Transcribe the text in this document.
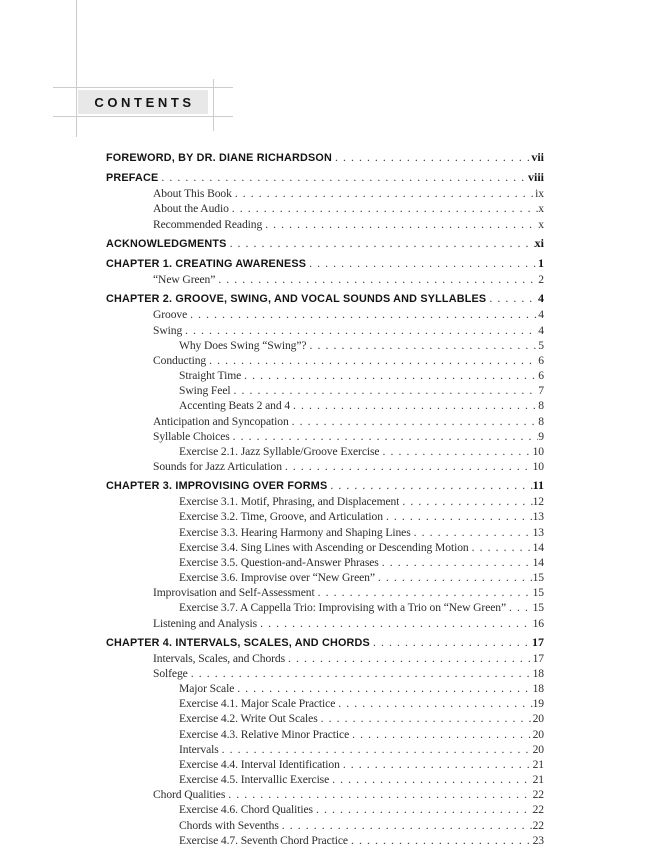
CONTENTS
FOREWORD, BY DR. DIANE RICHARDSON . . .	vii
PREFACE . . .	viii
About This Book . . .	ix
About the Audio . . .	x
Recommended Reading . . .	x
ACKNOWLEDGMENTS . . .	xi
CHAPTER 1. CREATING AWARENESS . . .	1
“New Green” . . .	2
CHAPTER 2. GROOVE, SWING, AND VOCAL SOUNDS AND SYLLABLES . . .	4
Groove . . .	4
Swing . . .	4
Why Does Swing “Swing”? . . .	5
Conducting . . .	6
Straight Time . . .	6
Swing Feel . . .	7
Accenting Beats 2 and 4 . . .	8
Anticipation and Syncopation . . .	8
Syllable Choices . . .	9
Exercise 2.1. Jazz Syllable/Groove Exercise . . .	10
Sounds for Jazz Articulation . . .	10
CHAPTER 3. IMPROVISING OVER FORMS . . .	11
Exercise 3.1. Motif, Phrasing, and Displacement . . .	12
Exercise 3.2. Time, Groove, and Articulation . . .	13
Exercise 3.3. Hearing Harmony and Shaping Lines . . .	13
Exercise 3.4. Sing Lines with Ascending or Descending Motion . . .	14
Exercise 3.5. Question-and-Answer Phrases . . .	14
Exercise 3.6. Improvise over “New Green” . . .	15
Improvisation and Self-Assessment . . .	15
Exercise 3.7. A Cappella Trio: Improvising with a Trio on “New Green” . . . 15
Listening and Analysis . . .	16
CHAPTER 4. INTERVALS, SCALES, AND CHORDS . . .	17
Intervals, Scales, and Chords . . .	17
Solfege . . .	18
Major Scale . . .	18
Exercise 4.1. Major Scale Practice . . .	19
Exercise 4.2. Write Out Scales . . .	20
Exercise 4.3. Relative Minor Practice . . .	20
Intervals . . .	20
Exercise 4.4. Interval Identification . . .	21
Exercise 4.5. Intervallic Exercise . . .	21
Chord Qualities . . .	22
Exercise 4.6. Chord Qualities . . .	22
Chords with Sevenths . . .	22
Exercise 4.7. Seventh Chord Practice . . .	23
